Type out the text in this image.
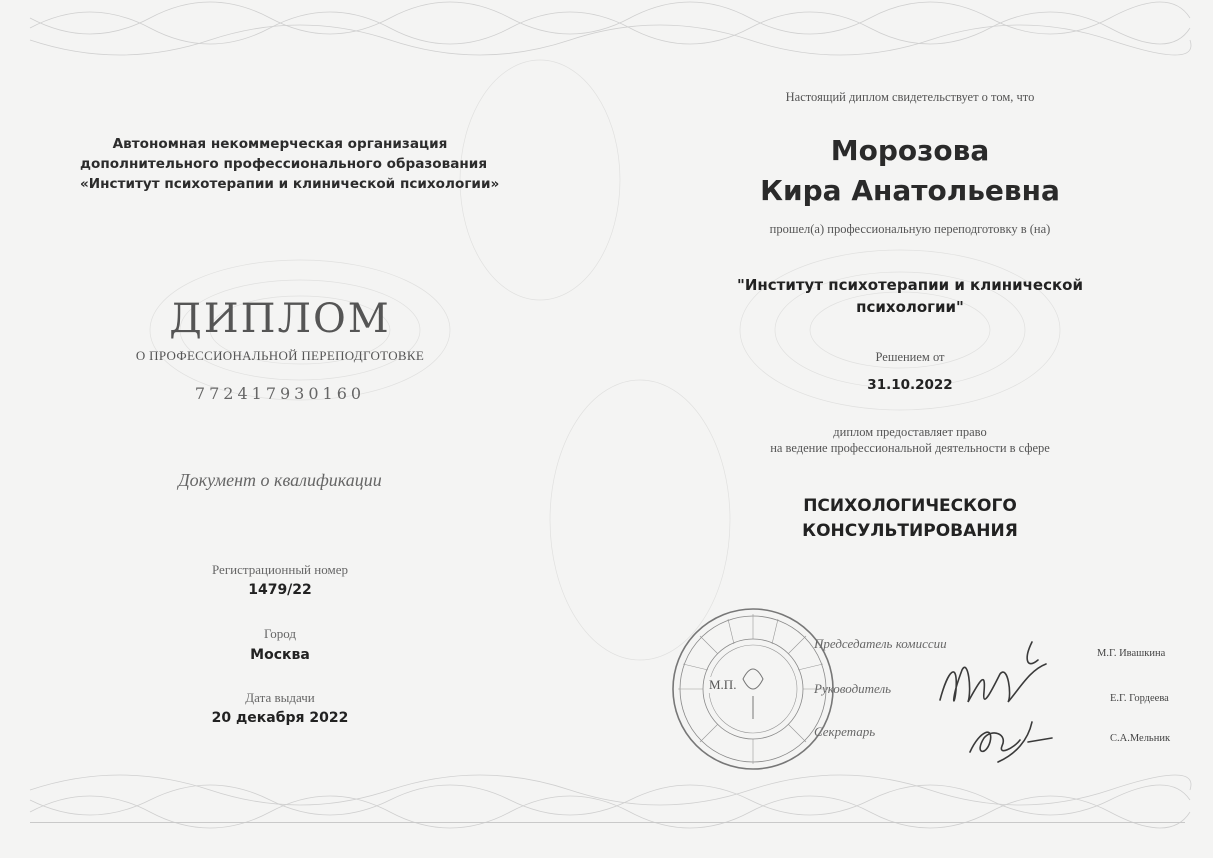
Автономная некоммерческая организация
дополнительного профессионального образования
«Институт психотерапии и клинической психологии»
ДИПЛОМ
О ПРОФЕССИОНАЛЬНОЙ ПЕРЕПОДГОТОВКЕ
772417930160
Документ о квалификации
Регистрационный номер
1479/22
Город
Москва
Дата выдачи
20 декабря 2022
Настоящий диплом свидетельствует о том, что
Морозова
Кира Анатольевна
прошел(а) профессиональную переподготовку в (на)
"Институт психотерапии и клинической
психологии"
Решением от
31.10.2022
диплом предоставляет право
на ведение профессиональной деятельности в сфере
ПСИХОЛОГИЧЕСКОГО
КОНСУЛЬТИРОВАНИЯ
М.П.
Председатель комиссии
Руководитель
Секретарь
М.Г. Ивашкина
Е.Г. Гордеева
С.А.Мельник
